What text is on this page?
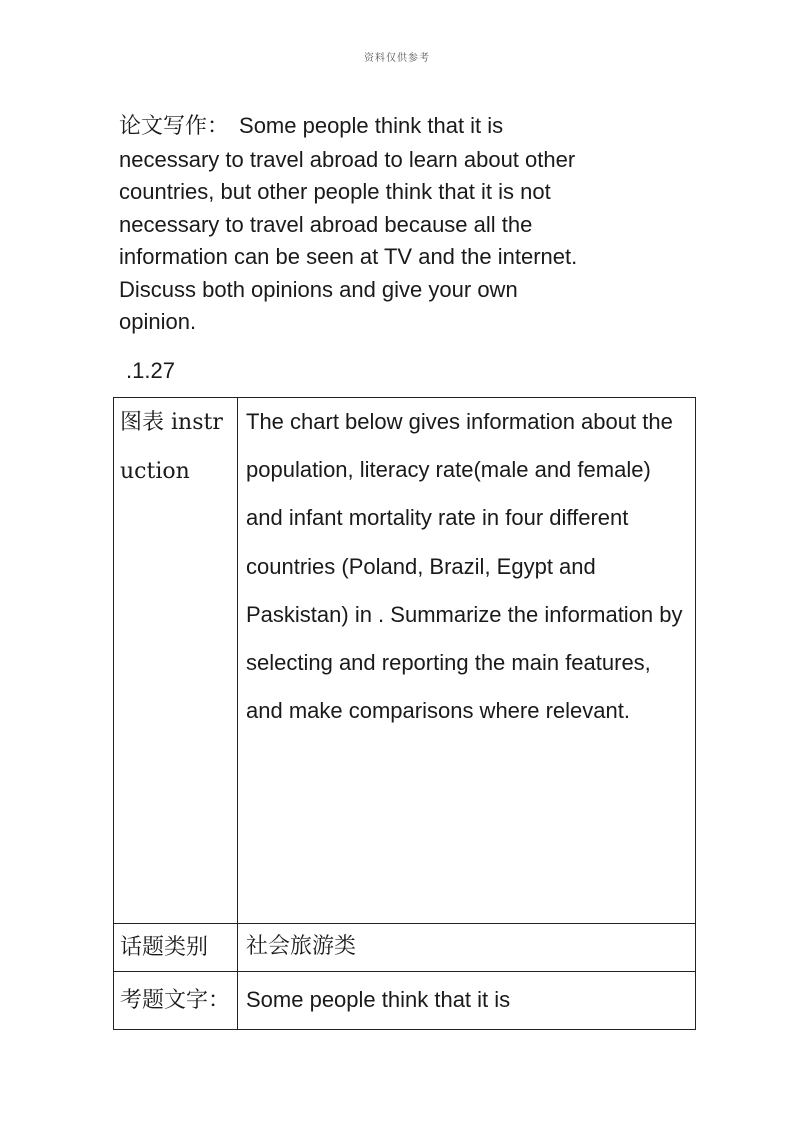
资料仅供参考
论文写作： Some people think that it is necessary to travel abroad to learn about other countries, but other people think that it is not necessary to travel abroad because all the information can be seen at TV and the internet. Discuss both opinions and give your own opinion.
.1.27
图表 instruction	The chart below gives information about the population, literacy rate(male and female) and infant mortality rate in four different countries (Poland, Brazil, Egypt and Paskistan) in . Summarize the information by selecting and reporting the main features, and make comparisons where relevant.
话题类别	社会旅游类
考题文字：	Some people think that it is
